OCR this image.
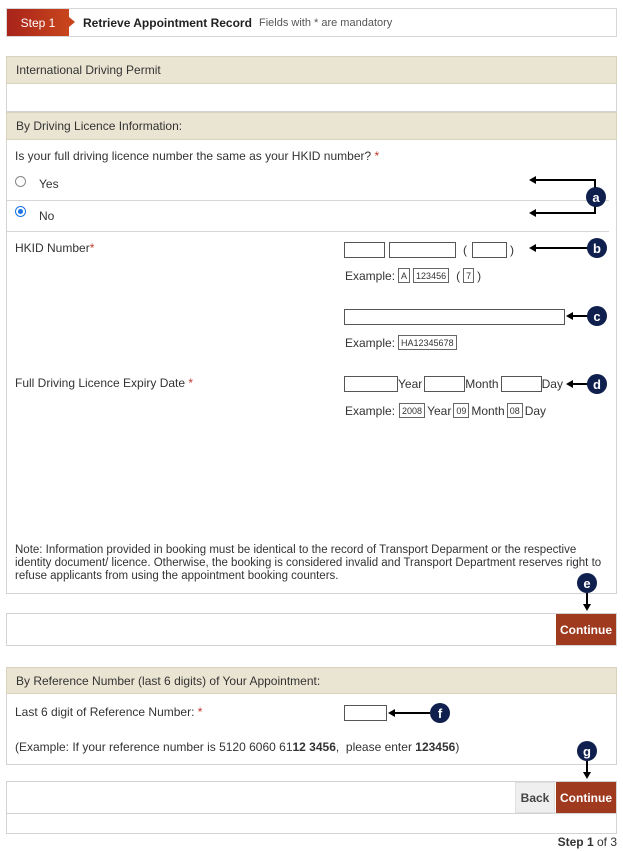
Step 1	Retrieve Appointment Record Fields with * are mandatory
International Driving Permit
By Driving Licence Information:
Is your full driving licence number the same as your HKID number? *
Yes
No
HKID Number*	(	)
Example: A	123456 ( 7 )
Example: HA12345678
Full Driving Licence Expiry Date *	Year	Month	Day
Example: 2008 Year 09 Month 08 Day
Note: Information provided in booking must be identical to the record of Transport Deparment or the respective identity document/ licence. Otherwise, the booking is considered invalid and Transport Department reserves right to refuse applicants from using the appointment booking counters.
Continue
By Reference Number (last 6 digits) of Your Appointment:
Last 6 digit of Reference Number: *
(Example: If your reference number is 5120 6060 6112 3456,  please enter 123456)
Back Continue
Step 1 of 3
a
b
c
d
e
f
g
